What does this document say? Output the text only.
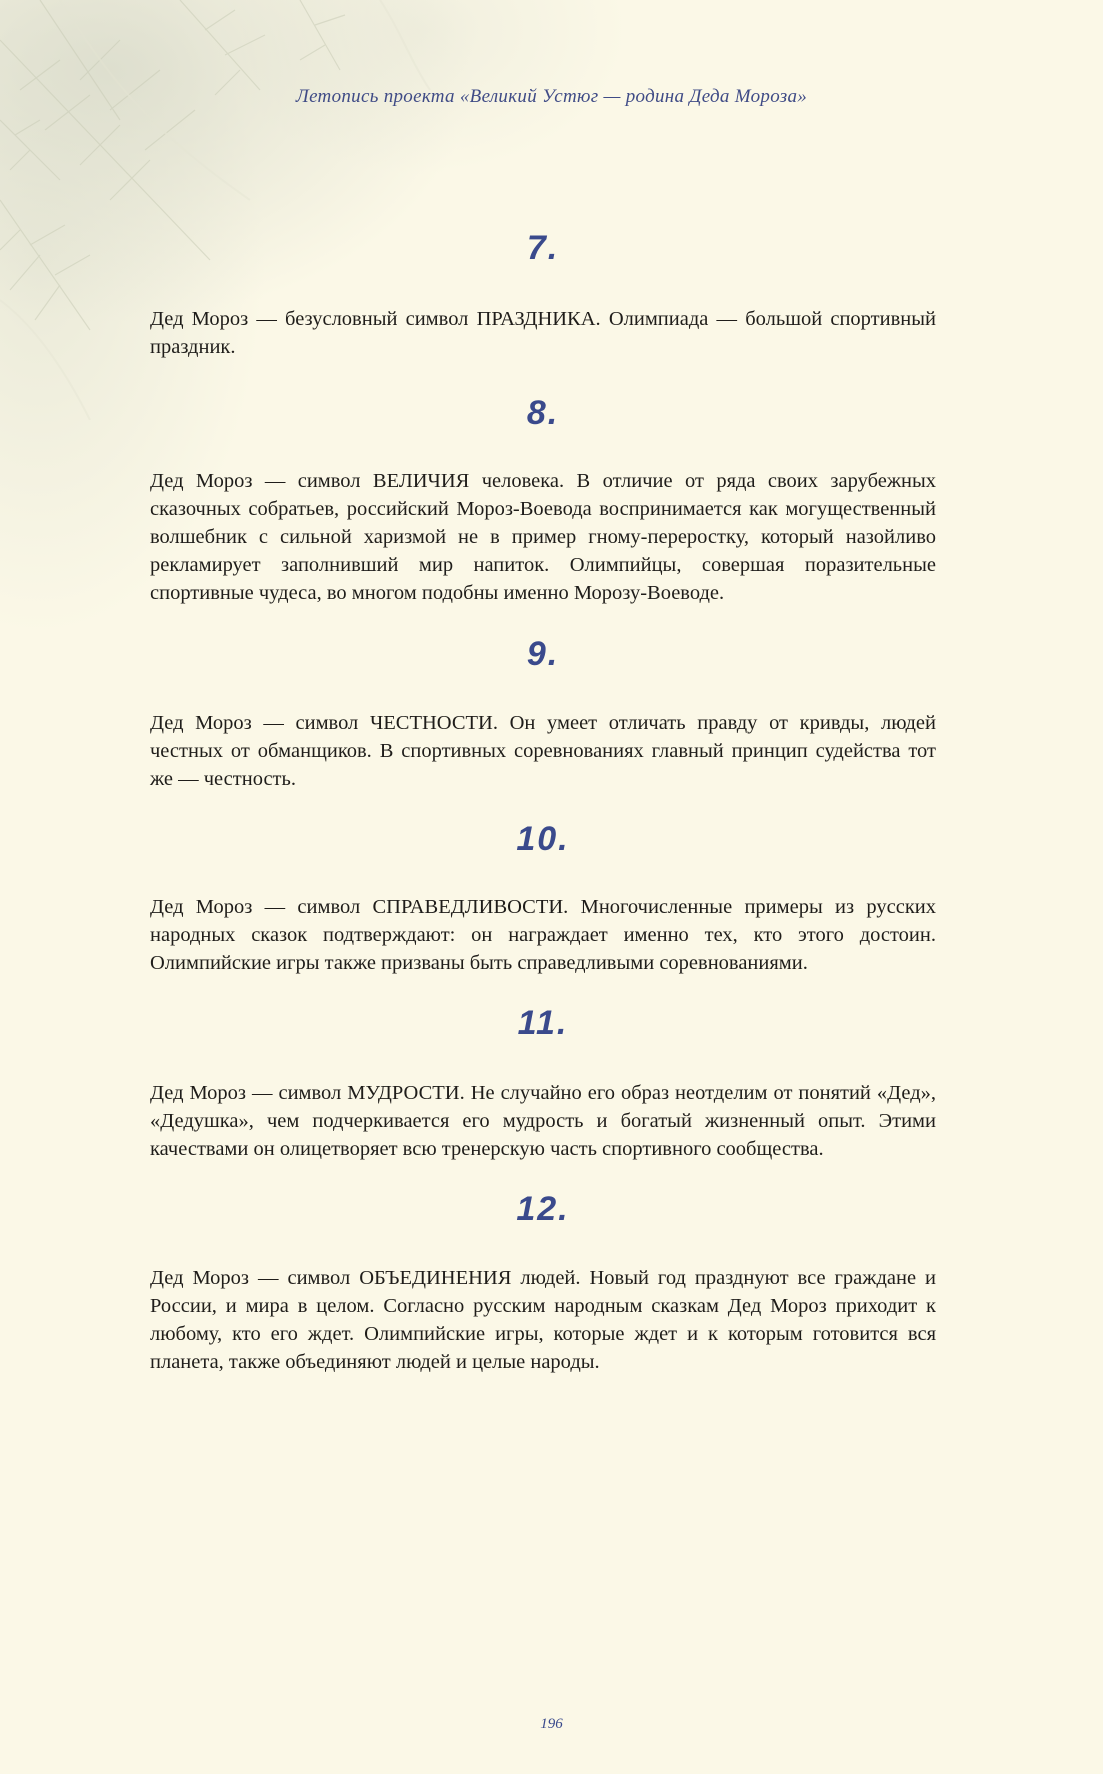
Летопись проекта «Великий Устюг — родина Деда Мороза»
7.

Дед Мороз — безусловный символ ПРАЗДНИКА. Олимпиада — большой спортивный праздник.

8.

Дед Мороз — символ ВЕЛИЧИЯ человека. В отличие от ряда своих зарубежных сказочных собратьев, российский Мороз-Воевода воспринимается как могущественный волшебник с сильной харизмой не в пример гному-переростку, который назойливо рекламирует заполнивший мир напиток. Олимпийцы, совершая поразительные спортивные чудеса, во многом подобны именно Морозу-Воеводе.

9.

Дед Мороз — символ ЧЕСТНОСТИ. Он умеет отличать правду от кривды, людей честных от обманщиков. В спортивных соревнованиях главный принцип судейства тот же — честность.

10.

Дед Мороз — символ СПРАВЕДЛИВОСТИ. Многочисленные примеры из русских народных сказок подтверждают: он награждает именно тех, кто этого достоин. Олимпийские игры также призваны быть справедливыми соревнованиями.

11.

Дед Мороз — символ МУДРОСТИ. Не случайно его образ неотделим от понятий «Дед», «Дедушка», чем подчеркивается его мудрость и богатый жизненный опыт. Этими качествами он олицетворяет всю тренерскую часть спортивного сообщества.

12.

Дед Мороз — символ ОБЪЕДИНЕНИЯ людей. Новый год празднуют все граждане и России, и мира в целом. Согласно русским народным сказкам Дед Мороз приходит к любому, кто его ждет. Олимпийские игры, которые ждет и к которым готовится вся планета, также объединяют людей и целые народы.

196
